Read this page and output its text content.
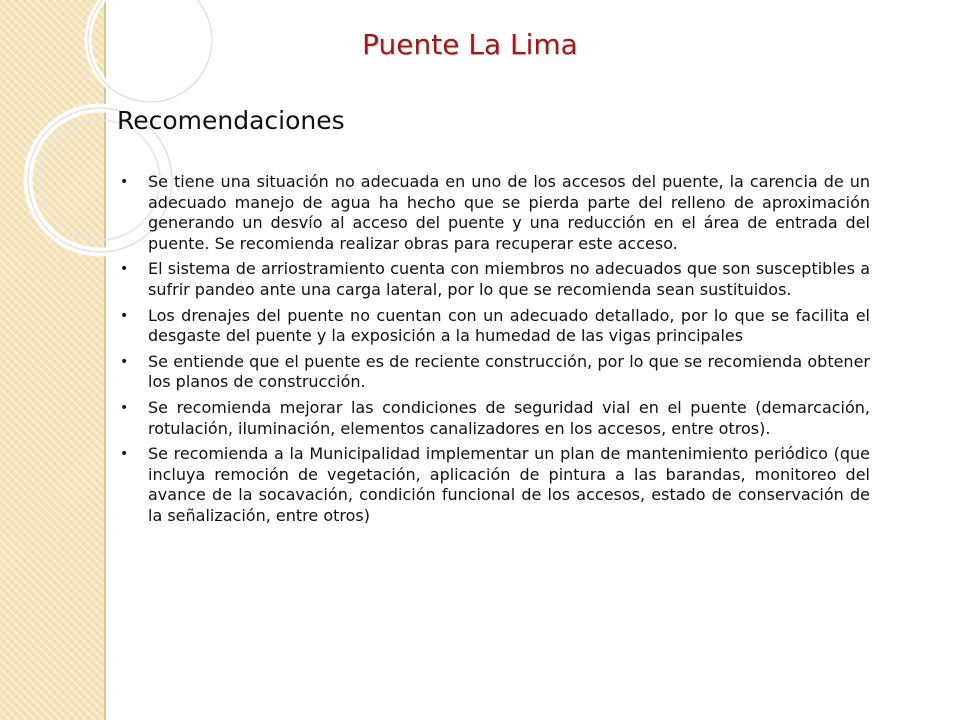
Puente La Lima
Recomendaciones
• Se tiene una situación no adecuada en uno de los accesos del puente, la carencia de un adecuado manejo de agua ha hecho que se pierda parte del relleno de aproximación generando un desvío al acceso del puente y una reducción en el área de entrada del puente. Se recomienda realizar obras para recuperar este acceso.
• El sistema de arriostramiento cuenta con miembros no adecuados que son susceptibles a sufrir pandeo ante una carga lateral, por lo que se recomienda sean sustituidos.
• Los drenajes del puente no cuentan con un adecuado detallado, por lo que se facilita el desgaste del puente y la exposición a la humedad de las vigas principales
• Se entiende que el puente es de reciente construcción, por lo que se recomienda obtener los planos de construcción.
• Se recomienda mejorar las condiciones de seguridad vial en el puente (demarcación, rotulación, iluminación, elementos canalizadores en los accesos, entre otros).
• Se recomienda a la Municipalidad implementar un plan de mantenimiento periódico (que incluya remoción de vegetación, aplicación de pintura a las barandas, monitoreo del avance de la socavación, condición funcional de los accesos, estado de conservación de la señalización, entre otros)
